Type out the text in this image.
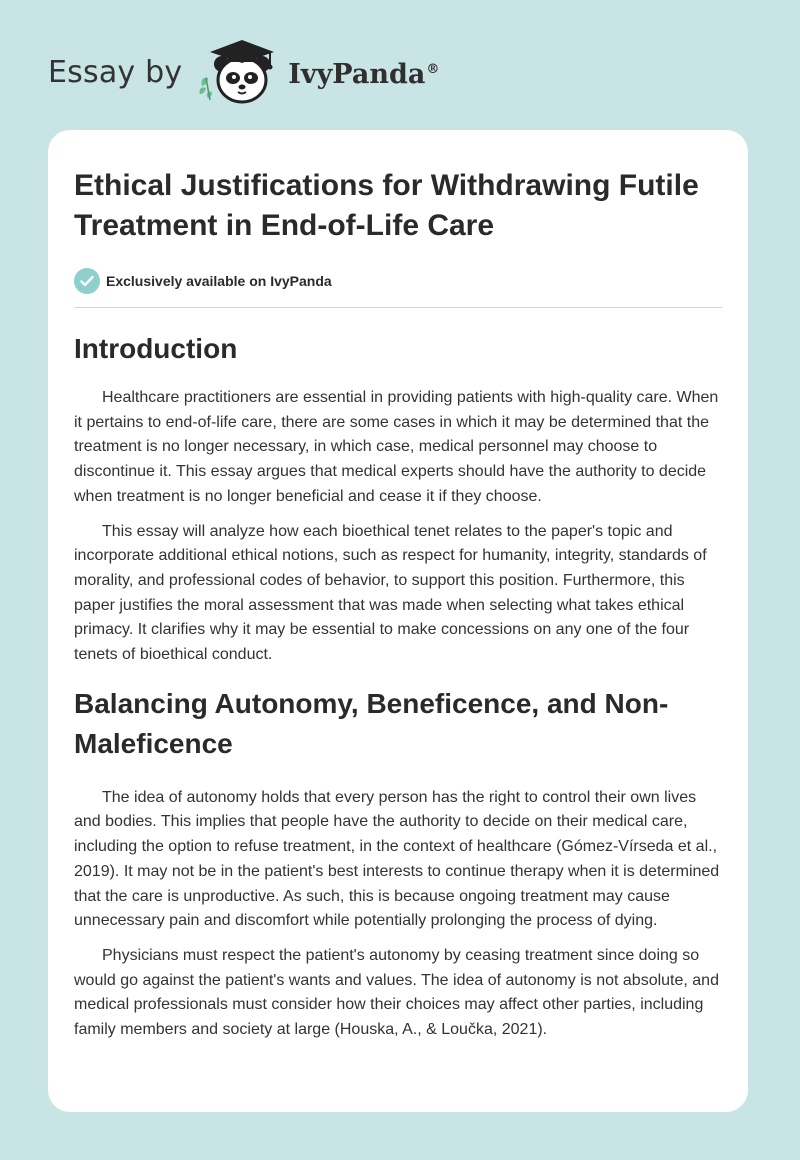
Essay by	IvyPanda®
Ethical Justifications for Withdrawing Futile Treatment in End-of-Life Care
Exclusively available on IvyPanda
Introduction

Healthcare practitioners are essential in providing patients with high-quality care. When it pertains to end-of-life care, there are some cases in which it may be determined that the treatment is no longer necessary, in which case, medical personnel may choose to discontinue it. This essay argues that medical experts should have the authority to decide when treatment is no longer beneficial and cease it if they choose.

This essay will analyze how each bioethical tenet relates to the paper's topic and incorporate additional ethical notions, such as respect for humanity, integrity, standards of morality, and professional codes of behavior, to support this position. Furthermore, this paper justifies the moral assessment that was made when selecting what takes ethical primacy. It clarifies why it may be essential to make concessions on any one of the four tenets of bioethical conduct.

Balancing Autonomy, Beneficence, and Non-Maleficence

The idea of autonomy holds that every person has the right to control their own lives and bodies. This implies that people have the authority to decide on their medical care, including the option to refuse treatment, in the context of healthcare (Gómez-Vírseda et al., 2019). It may not be in the patient's best interests to continue therapy when it is determined that the care is unproductive. As such, this is because ongoing treatment may cause unnecessary pain and discomfort while potentially prolonging the process of dying.

Physicians must respect the patient's autonomy by ceasing treatment since doing so would go against the patient's wants and values. The idea of autonomy is not absolute, and medical professionals must consider how their choices may affect other parties, including family members and society at large (Houska, A., & Loučka, 2021).
